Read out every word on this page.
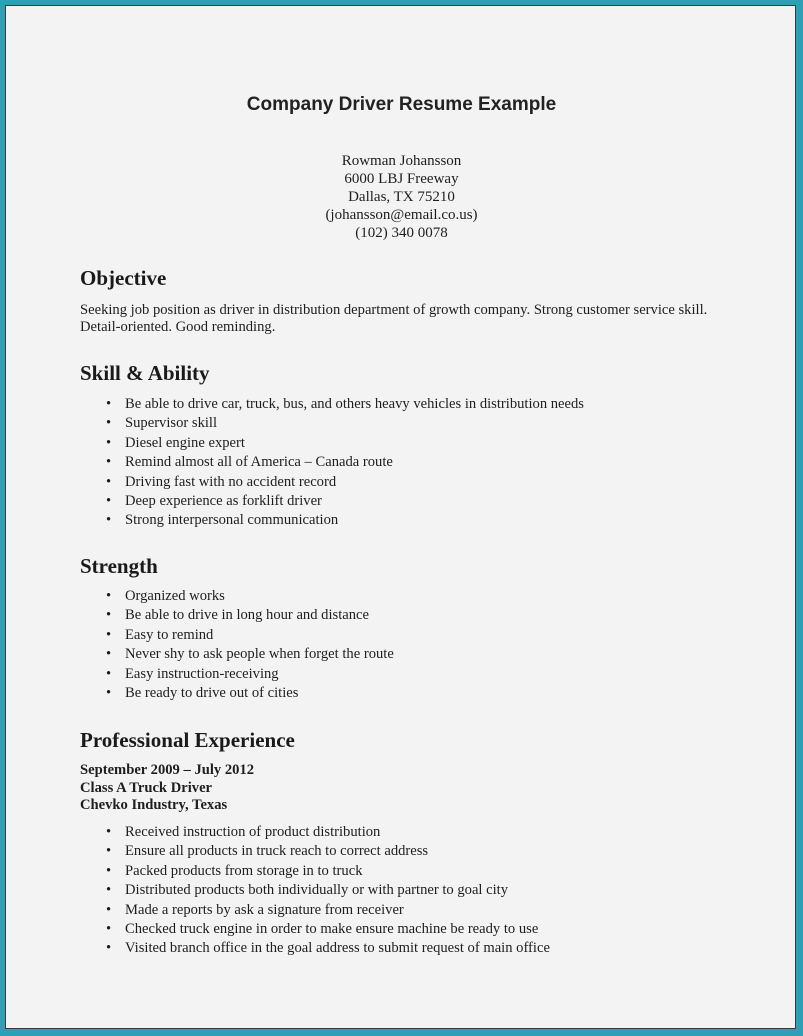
Company Driver Resume Example
Rowman Johansson
6000 LBJ Freeway
Dallas, TX 75210
(johansson@email.co.us)
(102) 340 0078
Objective
Seeking job position as driver in distribution department of growth company. Strong customer service skill. Detail-oriented. Good reminding.
Skill & Ability
• Be able to drive car, truck, bus, and others heavy vehicles in distribution needs
• Supervisor skill
• Diesel engine expert
• Remind almost all of America – Canada route
• Driving fast with no accident record
• Deep experience as forklift driver
• Strong interpersonal communication
Strength
• Organized works
• Be able to drive in long hour and distance
• Easy to remind
• Never shy to ask people when forget the route
• Easy instruction-receiving
• Be ready to drive out of cities
Professional Experience
September 2009 – July 2012
Class A Truck Driver
Chevko Industry, Texas
• Received instruction of product distribution
• Ensure all products in truck reach to correct address
• Packed products from storage in to truck
• Distributed products both individually or with partner to goal city
• Made a reports by ask a signature from receiver
• Checked truck engine in order to make ensure machine be ready to use
• Visited branch office in the goal address to submit request of main office
